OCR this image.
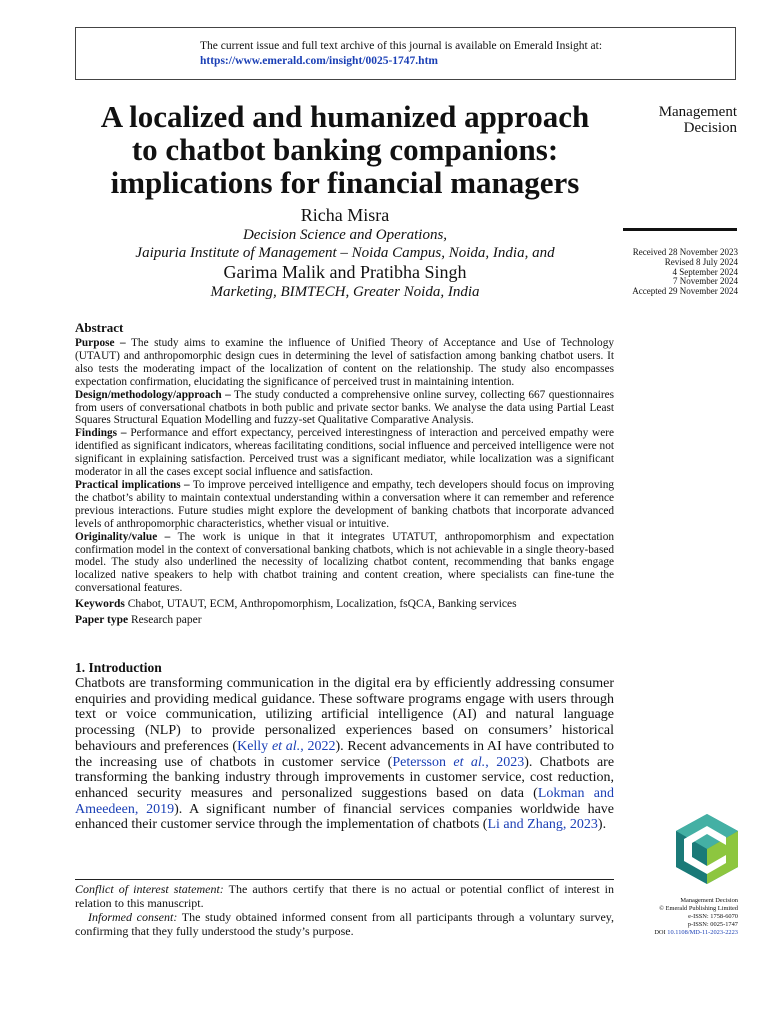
The current issue and full text archive of this journal is available on Emerald Insight at:
https://www.emerald.com/insight/0025-1747.htm
A localized and humanized approach
to chatbot banking companions:
implications for financial managers
Richa Misra
Decision Science and Operations,
Jaipuria Institute of Management – Noida Campus, Noida, India, and
Garima Malik and Pratibha Singh
Marketing, BIMTECH, Greater Noida, India
Management
Decision
Received 28 November 2023
Revised 8 July 2024
4 September 2024
7 November 2024
Accepted 29 November 2024
Abstract

Purpose – The study aims to examine the influence of Unified Theory of Acceptance and Use of Technology (UTAUT) and anthropomorphic design cues in determining the level of satisfaction among banking chatbot users. It also tests the moderating impact of the localization of content on the relationship. The study also encompasses expectation confirmation, elucidating the significance of perceived trust in maintaining intention.

Design/methodology/approach – The study conducted a comprehensive online survey, collecting 667 questionnaires from users of conversational chatbots in both public and private sector banks. We analyse the data using Partial Least Squares Structural Equation Modelling and fuzzy-set Qualitative Comparative Analysis.

Findings – Performance and effort expectancy, perceived interestingness of interaction and perceived empathy were identified as significant indicators, whereas facilitating conditions, social influence and perceived intelligence were not significant in explaining satisfaction. Perceived trust was a significant mediator, while localization was a significant moderator in all the cases except social influence and satisfaction.

Practical implications – To improve perceived intelligence and empathy, tech developers should focus on improving the chatbot’s ability to maintain contextual understanding within a conversation where it can remember and reference previous interactions. Future studies might explore the development of banking chatbots that incorporate advanced levels of anthropomorphic characteristics, whether visual or intuitive.

Originality/value – The work is unique in that it integrates UTATUT, anthropomorphism and expectation confirmation model in the context of conversational banking chatbots, which is not achievable in a single theory-based model. The study also underlined the necessity of localizing chatbot content, recommending that banks engage localized native speakers to help with chatbot training and content creation, where specialists can fine-tune the conversational features.

Keywords Chabot, UTAUT, ECM, Anthropomorphism, Localization, fsQCA, Banking services
Paper type Research paper
1. Introduction

Chatbots are transforming communication in the digital era by efficiently addressing consumer enquiries and providing medical guidance. These software programs engage with users through text or voice communication, utilizing artificial intelligence (AI) and natural language processing (NLP) to provide personalized experiences based on consumers’ historical behaviours and preferences (Kelly et al., 2022). Recent advancements in AI have contributed to the increasing use of chatbots in customer service (Petersson et al., 2023). Chatbots are transforming the banking industry through improvements in customer service, cost reduction, enhanced security measures and personalized suggestions based on data (Lokman and Ameedeen, 2019). A significant number of financial services companies worldwide have enhanced their customer service through the implementation of chatbots (Li and Zhang, 2023).

Conflict of interest statement: The authors certify that there is no actual or potential conflict of interest in relation to this manuscript.

Informed consent: The study obtained informed consent from all participants through a voluntary survey, confirming that they fully understood the study’s purpose.

Management Decision
© Emerald Publishing Limited
e-ISSN: 1758-6070
p-ISSN: 0025-1747
DOI 10.1108/MD-11-2023-2223
